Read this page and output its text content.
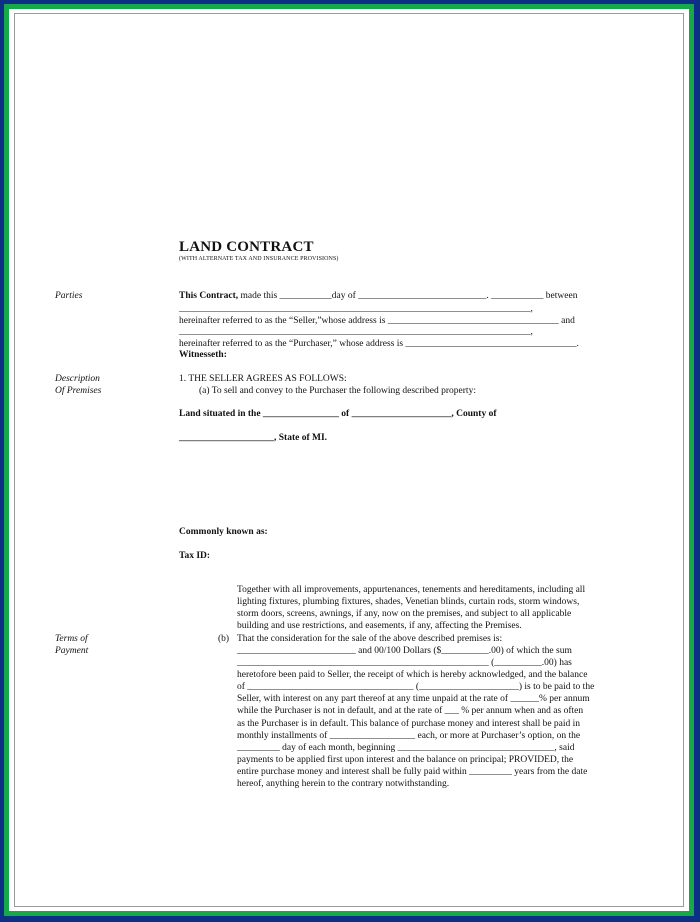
LAND CONTRACT
(WITH ALTERNATE TAX AND INSURANCE PROVISIONS)
Parties
Description
Of Premises
Terms of
Payment
This Contract, made this ___________day of ___________________________. ___________ between
__________________________________________________________________________,
hereinafter referred to as the “Seller,”whose address is ____________________________________ and
__________________________________________________________________________,
hereinafter referred to as the “Purchaser,” whose address is ____________________________________.
Witnesseth:
1. THE SELLER AGREES AS FOLLOWS:
(a) To sell and convey to the Purchaser the following described property:
Land situated in the ________________ of _____________________, County of
____________________, State of MI.
Commonly known as:
Tax ID:
Together with all improvements, appurtenances, tenements and hereditaments, including all
lighting fixtures, plumbing fixtures, shades, Venetian blinds, curtain rods, storm windows,
storm doors, screens, awnings, if any, now on the premises, and subject to all applicable
building and use restrictions, and easements, if any, affecting the Premises.
(b) That the consideration for the sale of the above described premises is:
_________________________ and 00/100 Dollars ($__________.00) of which the sum
_____________________________________________________ (__________.00) has
heretofore been paid to Seller, the receipt of which is hereby acknowledged, and the balance
of ___________________________________ (_____________________) is to be paid to the
Seller, with interest on any part thereof at any time unpaid at the rate of ______% per annum
while the Purchaser is not in default, and at the rate of ___ % per annum when and as often
as the Purchaser is in default. This balance of purchase money and interest shall be paid in
monthly installments of __________________ each, or more at Purchaser’s option, on the
_________ day of each month, beginning _________________________________, said
payments to be applied first upon interest and the balance on principal; PROVIDED, the
entire purchase money and interest shall be fully paid within _________ years from the date
hereof, anything herein to the contrary notwithstanding.
